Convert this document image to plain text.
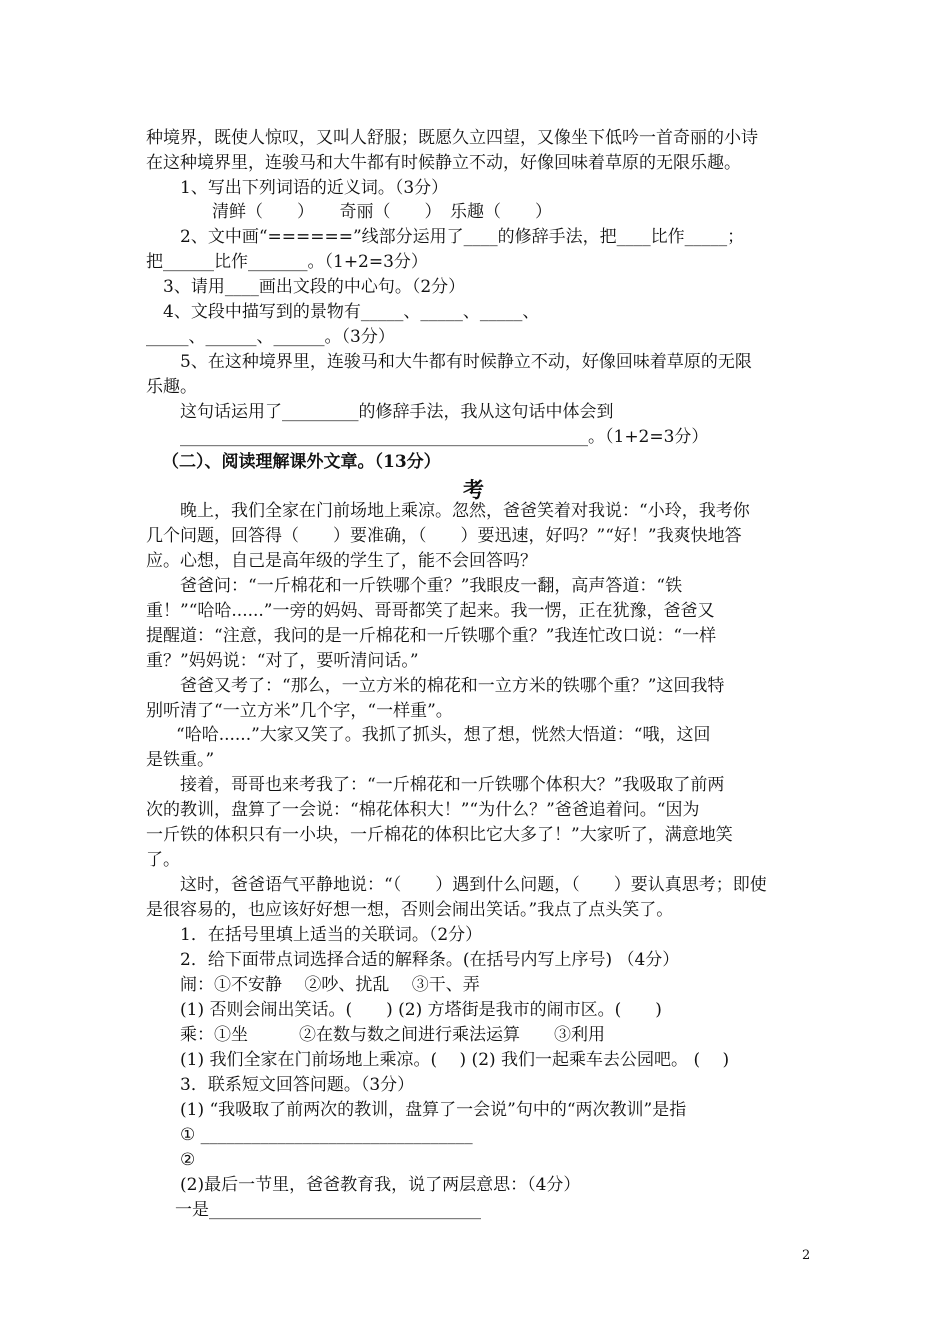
种境界，既使人惊叹，又叫人舒服；既愿久立四望，又像坐下低吟一首奇丽的小诗
在这种境界里，连骏马和大牛都有时候静立不动，好像回味着草原的无限乐趣。
1、写出下列词语的近义词。（3分）
清鲜（　　）　　奇丽（　　）　乐趣（　　）
2、文中画“======”线部分运用了____的修辞手法，把____比作_____；
把______比作_______。（1+2=3分）
3、请用____画出文段的中心句。（2分）
4、文段中描写到的景物有_____、_____、_____、
_____、______、______。（3分）
5、在这种境界里，连骏马和大牛都有时候静立不动，好像回味着草原的无限
乐趣。
这句话运用了_________的修辞手法，我从这句话中体会到
________________________________________________。（1+2=3分）
（二）、阅读理解课外文章。（13分）
考
晚上，我们全家在门前场地上乘凉。忽然，爸爸笑着对我说：“小玲，我考你
几个问题，回答得（　　）要准确，（　　）要迅速，好吗？”“好！”我爽快地答
应。心想，自己是高年级的学生了，能不会回答吗？
爸爸问：“一斤棉花和一斤铁哪个重？”我眼皮一翻，高声答道：“铁
重！”“哈哈......”一旁的妈妈、哥哥都笑了起来。我一愣，正在犹豫，爸爸又
提醒道：“注意，我问的是一斤棉花和一斤铁哪个重？”我连忙改口说：“一样
重？”妈妈说：“对了，要听清问话。”
爸爸又考了：“那么，一立方米的棉花和一立方米的铁哪个重？”这回我特
别听清了“一立方米”几个字，“一样重”。
“哈哈......”大家又笑了。我抓了抓头，想了想，恍然大悟道：“哦，这回
是铁重。”
接着，哥哥也来考我了：“一斤棉花和一斤铁哪个体积大？”我吸取了前两
次的教训，盘算了一会说：“棉花体积大！”“为什么？”爸爸追着问。“因为
一斤铁的体积只有一小块，一斤棉花的体积比它大多了！”大家听了，满意地笑
了。
这时，爸爸语气平静地说：“（　　）遇到什么问题，（　　）要认真思考；即使
是很容易的，也应该好好想一想，否则会闹出笑话。”我点了点头笑了。
1．在括号里填上适当的关联词。（2分）
2．给下面带点词选择合适的解释条。(在括号内写上序号) （4分）
闹：①不安静　 ②吵、扰乱　 ③干、弄
(1) 否则会闹出笑话。(　　) (2) 方塔街是我市的闹市区。(　　)
乘：①坐　　　②在数与数之间进行乘法运算　　③利用
(1) 我们全家在门前场地上乘凉。(　 ) (2) 我们一起乘车去公园吧。 (　 )
3．联系短文回答问题。（3分）
(1) “我吸取了前两次的教训，盘算了一会说”句中的“两次教训”是指
① ________________________________
②
(2)最后一节里，爸爸教育我，说了两层意思：（4分）
一是________________________________
2
